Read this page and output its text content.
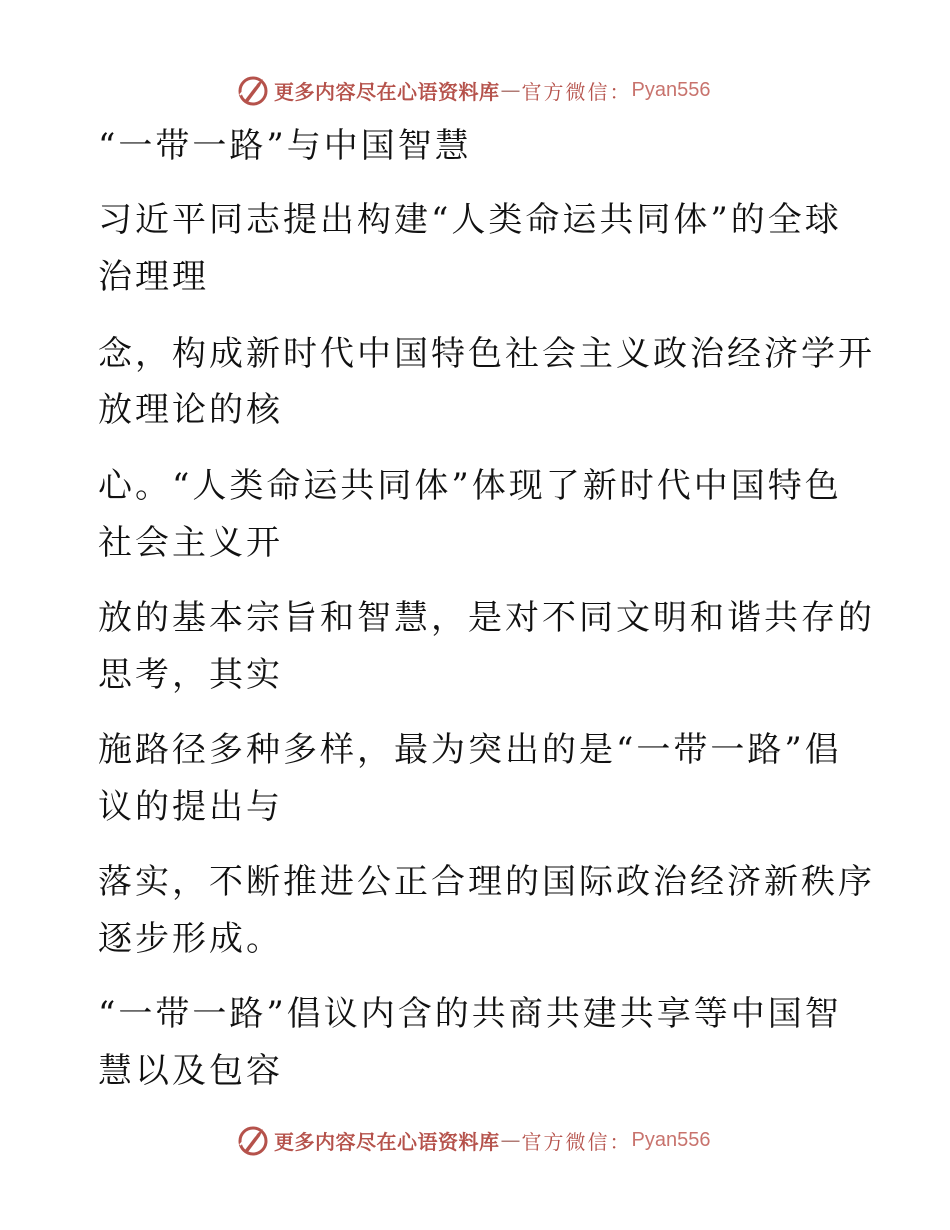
更多内容尽在心语资料库 — 官方微信： Pyan556
“一带一路”与中国智慧
习近平同志提出构建“人类命运共同体”的全球
治理理
念，构成新时代中国特色社会主义政治经济学开
放理论的核
心。“人类命运共同体”体现了新时代中国特色
社会主义开
放的基本宗旨和智慧，是对不同文明和谐共存的
思考，其实
施路径多种多样，最为突出的是“一带一路”倡
议的提出与
落实，不断推进公正合理的国际政治经济新秩序
逐步形成。
“一带一路”倡议内含的共商共建共享等中国智
慧以及包容
更多内容尽在心语资料库 — 官方微信： Pyan556
